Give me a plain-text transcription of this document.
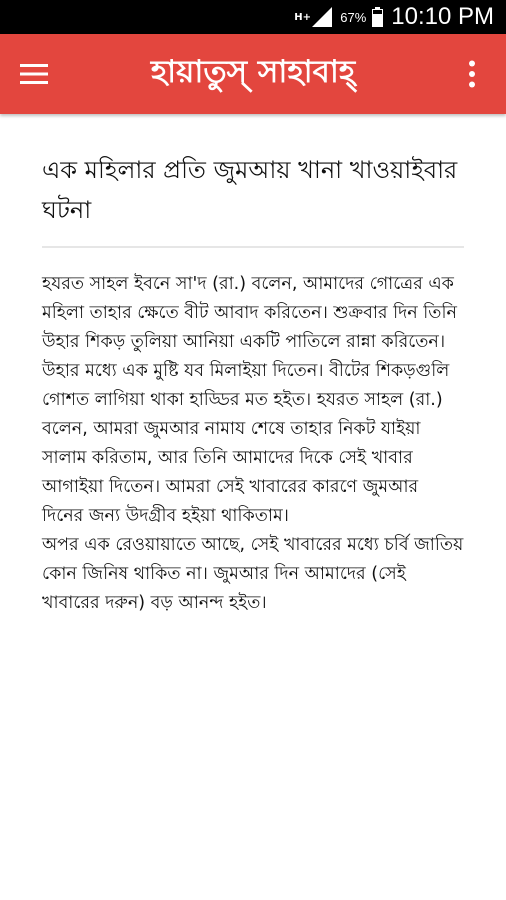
H+ 67% 10:10 PM
হায়াতুস্ সাহাবাহ্
এক মহিলার প্রতি জুমআয় খানা খাওয়াইবার ঘটনা

হযরত সাহল ইবনে সা'দ (রা.) বলেন, আমাদের গোত্রের এক মহিলা তাহার ক্ষেতে বীট আবাদ করিতেন। শুক্রবার দিন তিনি উহার শিকড় তুলিয়া আনিয়া একটি পাতিলে রান্না করিতেন। উহার মধ্যে এক মুষ্টি যব মিলাইয়া দিতেন। বীটের শিকড়গুলি গোশত লাগিয়া থাকা হাড্ডির মত হইত। হযরত সাহল (রা.) বলেন, আমরা জুমআর নামায শেষে তাহার নিকট যাইয়া সালাম করিতাম, আর তিনি আমাদের দিকে সেই খাবার আগাইয়া দিতেন। আমরা সেই খাবারের কারণে জুমআর দিনের জন্য উদগ্রীব হইয়া থাকিতাম।

অপর এক রেওয়ায়াতে আছে, সেই খাবারের মধ্যে চর্বি জাতিয় কোন জিনিষ থাকিত না। জুমআর দিন আমাদের (সেই খাবারের দরুন) বড় আনন্দ হইত।
